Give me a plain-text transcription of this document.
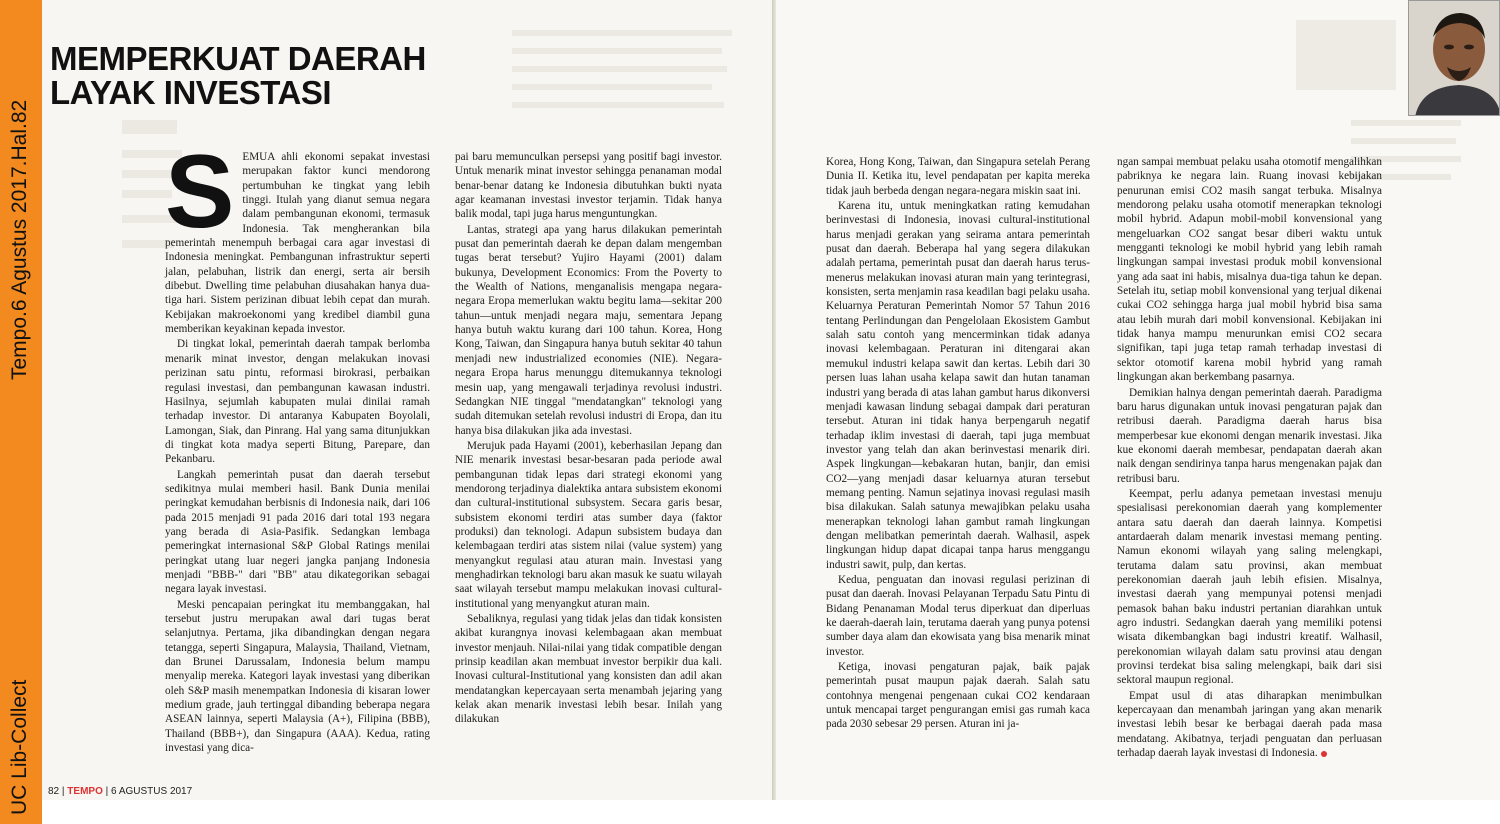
Tempo.6 Agustus 2017.Hal.82
UC Lib-Collect
MEMPERKUAT DAERAH
LAYAK INVESTASI

SEMUA ahli ekonomi sepakat investasi merupakan faktor kunci mendorong pertumbuhan ke tingkat yang lebih tinggi. Itulah yang dianut semua negara dalam pembangunan ekonomi, termasuk Indonesia. Tak mengherankan bila pemerintah menempuh berbagai cara agar investasi di Indonesia meningkat. Pembangunan infrastruktur seperti jalan, pelabuhan, listrik dan energi, serta air bersih dibebut. Dwelling time pelabuhan diusahakan hanya dua-tiga hari. Sistem perizinan dibuat lebih cepat dan murah. Kebijakan makroekonomi yang kredibel diambil guna memberikan keyakinan kepada investor.

Di tingkat lokal, pemerintah daerah tampak berlomba menarik minat investor, dengan melakukan inovasi perizinan satu pintu, reformasi birokrasi, perbaikan regulasi investasi, dan pembangunan kawasan industri. Hasilnya, sejumlah kabupaten mulai dinilai ramah terhadap investor. Di antaranya Kabupaten Boyolali, Lamongan, Siak, dan Pinrang. Hal yang sama ditunjukkan di tingkat kota madya seperti Bitung, Parepare, dan Pekanbaru.

Langkah pemerintah pusat dan daerah tersebut sedikitnya mulai memberi hasil. Bank Dunia menilai peringkat kemudahan berbisnis di Indonesia naik, dari 106 pada 2015 menjadi 91 pada 2016 dari total 193 negara yang berada di Asia-Pasifik. Sedangkan lembaga pemeringkat internasional S&P Global Ratings menilai peringkat utang luar negeri jangka panjang Indonesia menjadi "BBB-" dari "BB" atau dikategorikan sebagai negara layak investasi.

Meski pencapaian peringkat itu membanggakan, hal tersebut justru merupakan awal dari tugas berat selanjutnya. Pertama, jika dibandingkan dengan negara tetangga, seperti Singapura, Malaysia, Thailand, Vietnam, dan Brunei Darussalam, Indonesia belum mampu menyalip mereka. Kategori layak investasi yang diberikan oleh S&P masih menempatkan Indonesia di kisaran lower medium grade, jauh tertinggal dibanding beberapa negara ASEAN lainnya, seperti Malaysia (A+), Filipina (BBB), Thailand (BBB+), dan Singapura (AAA). Kedua, rating investasi yang dica-

pai baru memunculkan persepsi yang positif bagi investor. Untuk menarik minat investor sehingga penanaman modal benar-benar datang ke Indonesia dibutuhkan bukti nyata agar keamanan investasi investor terjamin. Tidak hanya balik modal, tapi juga harus menguntungkan.

Lantas, strategi apa yang harus dilakukan pemerintah pusat dan pemerintah daerah ke depan dalam mengemban tugas berat tersebut? Yujiro Hayami (2001) dalam bukunya, Development Economics: From the Poverty to the Wealth of Nations, menganalisis mengapa negara-negara Eropa memerlukan waktu begitu lama—sekitar 200 tahun—untuk menjadi negara maju, sementara Jepang hanya butuh waktu kurang dari 100 tahun. Korea, Hong Kong, Taiwan, dan Singapura hanya butuh sekitar 40 tahun menjadi new industrialized economies (NIE). Negara-negara Eropa harus menunggu ditemukannya teknologi mesin uap, yang mengawali terjadinya revolusi industri. Sedangkan NIE tinggal "mendatangkan" teknologi yang sudah ditemukan setelah revolusi industri di Eropa, dan itu hanya bisa dilakukan jika ada investasi.

Merujuk pada Hayami (2001), keberhasilan Jepang dan NIE menarik investasi besar-besaran pada periode awal pembangunan tidak lepas dari strategi ekonomi yang mendorong terjadinya dialektika antara subsistem ekonomi dan cultural-institutional subsystem. Secara garis besar, subsistem ekonomi terdiri atas sumber daya (faktor produksi) dan teknologi. Adapun subsistem budaya dan kelembagaan terdiri atas sistem nilai (value system) yang menyangkut regulasi atau aturan main. Investasi yang menghadirkan teknologi baru akan masuk ke suatu wilayah saat wilayah tersebut mampu melakukan inovasi cultural-institutional yang menyangkut aturan main.

Sebaliknya, regulasi yang tidak jelas dan tidak konsisten akibat kurangnya inovasi kelembagaan akan membuat investor menjauh. Nilai-nilai yang tidak compatible dengan prinsip keadilan akan membuat investor berpikir dua kali. Inovasi cultural-Institutional yang konsisten dan adil akan mendatangkan kepercayaan serta menambah jejaring yang kelak akan menarik investasi lebih besar. Inilah yang dilakukan

82 | TEMPO | 6 AGUSTUS 2017

Korea, Hong Kong, Taiwan, dan Singapura setelah Perang Dunia II. Ketika itu, level pendapatan per kapita mereka tidak jauh berbeda dengan negara-negara miskin saat ini.

Karena itu, untuk meningkatkan rating kemudahan berinvestasi di Indonesia, inovasi cultural-institutional harus menjadi gerakan yang seirama antara pemerintah pusat dan daerah. Beberapa hal yang segera dilakukan adalah pertama, pemerintah pusat dan daerah harus terus-menerus melakukan inovasi aturan main yang terintegrasi, konsisten, serta menjamin rasa keadilan bagi pelaku usaha. Keluarnya Peraturan Pemerintah Nomor 57 Tahun 2016 tentang Perlindungan dan Pengelolaan Ekosistem Gambut salah satu contoh yang mencerminkan tidak adanya inovasi kelembagaan. Peraturan ini ditengarai akan memukul industri kelapa sawit dan kertas. Lebih dari 30 persen luas lahan usaha kelapa sawit dan hutan tanaman industri yang berada di atas lahan gambut harus dikonversi menjadi kawasan lindung sebagai dampak dari peraturan tersebut. Aturan ini tidak hanya berpengaruh negatif terhadap iklim investasi di daerah, tapi juga membuat investor yang telah dan akan berinvestasi menarik diri. Aspek lingkungan—kebakaran hutan, banjir, dan emisi CO2—yang menjadi dasar keluarnya aturan tersebut memang penting. Namun sejatinya inovasi regulasi masih bisa dilakukan. Salah satunya mewajibkan pelaku usaha menerapkan teknologi lahan gambut ramah lingkungan dengan melibatkan pemerintah daerah. Walhasil, aspek lingkungan hidup dapat dicapai tanpa harus menggangu industri sawit, pulp, dan kertas.

Kedua, penguatan dan inovasi regulasi perizinan di pusat dan daerah. Inovasi Pelayanan Terpadu Satu Pintu di Bidang Penanaman Modal terus diperkuat dan diperluas ke daerah-daerah lain, terutama daerah yang punya potensi sumber daya alam dan ekowisata yang bisa menarik minat investor.

Ketiga, inovasi pengaturan pajak, baik pajak pemerintah pusat maupun pajak daerah. Salah satu contohnya mengenai pengenaan cukai CO2 kendaraan untuk mencapai target pengurangan emisi gas rumah kaca pada 2030 sebesar 29 persen. Aturan ini ja-

ngan sampai membuat pelaku usaha otomotif mengalihkan pabriknya ke negara lain. Ruang inovasi kebijakan penurunan emisi CO2 masih sangat terbuka. Misalnya mendorong pelaku usaha otomotif menerapkan teknologi mobil hybrid. Adapun mobil-mobil konvensional yang mengeluarkan CO2 sangat besar diberi waktu untuk mengganti teknologi ke mobil hybrid yang lebih ramah lingkungan sampai investasi produk mobil konvensional yang ada saat ini habis, misalnya dua-tiga tahun ke depan. Setelah itu, setiap mobil konvensional yang terjual dikenai cukai CO2 sehingga harga jual mobil hybrid bisa sama atau lebih murah dari mobil konvensional. Kebijakan ini tidak hanya mampu menurunkan emisi CO2 secara signifikan, tapi juga tetap ramah terhadap investasi di sektor otomotif karena mobil hybrid yang ramah lingkungan akan berkembang pasarnya.

Demikian halnya dengan pemerintah daerah. Paradigma baru harus digunakan untuk inovasi pengaturan pajak dan retribusi daerah. Paradigma daerah harus bisa memperbesar kue ekonomi dengan menarik investasi. Jika kue ekonomi daerah membesar, pendapatan daerah akan naik dengan sendirinya tanpa harus mengenakan pajak dan retribusi baru.

Keempat, perlu adanya pemetaan investasi menuju spesialisasi perekonomian daerah yang komplementer antara satu daerah dan daerah lainnya. Kompetisi antardaerah dalam menarik investasi memang penting. Namun ekonomi wilayah yang saling melengkapi, terutama dalam satu provinsi, akan membuat perekonomian daerah jauh lebih efisien. Misalnya, investasi daerah yang mempunyai potensi menjadi pemasok bahan baku industri pertanian diarahkan untuk agro industri. Sedangkan daerah yang memiliki potensi wisata dikembangkan bagi industri kreatif. Walhasil, perekonomian wilayah dalam satu provinsi atau dengan provinsi terdekat bisa saling melengkapi, baik dari sisi sektoral maupun regional.

Empat usul di atas diharapkan menimbulkan kepercayaan dan menambah jaringan yang akan menarik investasi lebih besar ke berbagai daerah pada masa mendatang. Akibatnya, terjadi penguatan dan perluasan terhadap daerah layak investasi di Indonesia.
